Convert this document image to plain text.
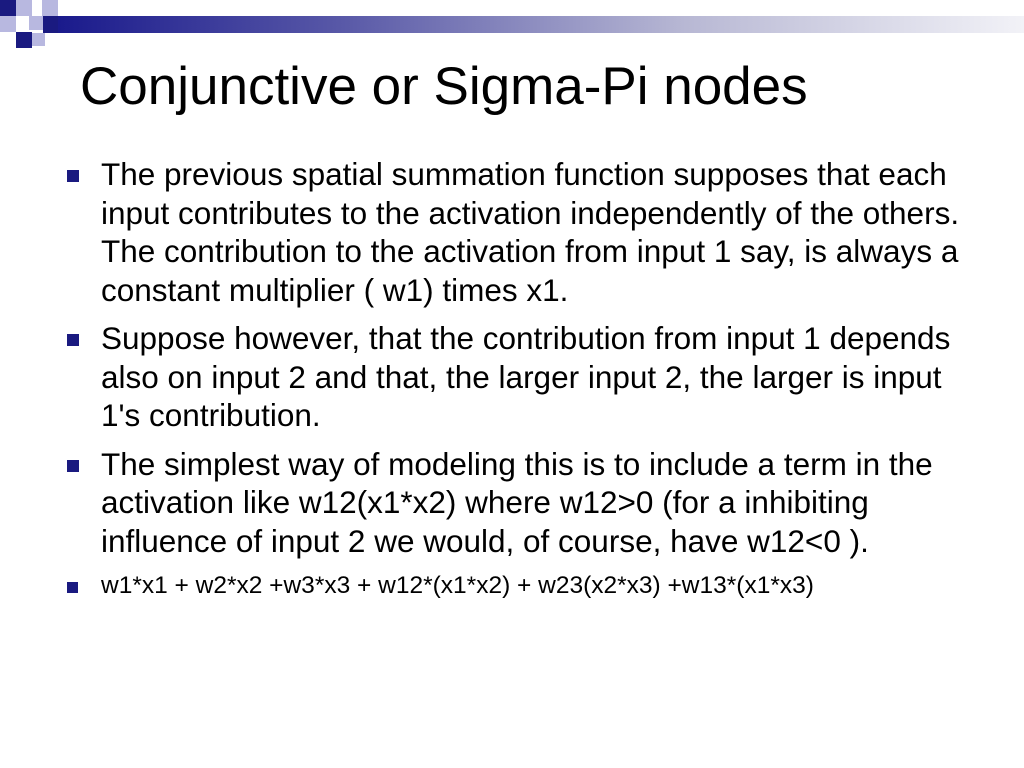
Conjunctive or Sigma-Pi nodes
The previous spatial summation function supposes that each input contributes to the activation independently of the others. The contribution to the activation from input 1 say, is always a constant multiplier ( w1) times x1.
Suppose however, that the contribution from input 1 depends also on input 2 and that, the larger input 2, the larger is input 1's contribution.
The simplest way of modeling this is to include a term in the activation like w12(x1*x2) where w12>0 (for a inhibiting influence of input 2 we would, of course, have w12<0 ).
w1*x1 + w2*x2 +w3*x3 + w12*(x1*x2) + w23(x2*x3) +w13*(x1*x3)
